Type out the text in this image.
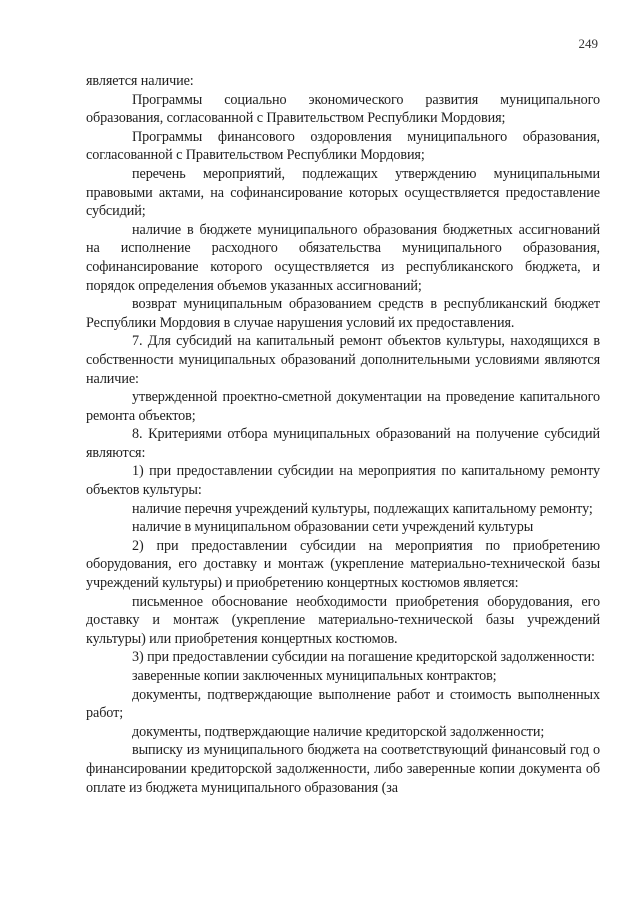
249

является наличие:

Программы социально экономического развития муниципального образования, согласованной с Правительством Республики Мордовия;

Программы финансового оздоровления муниципального образования, согласованной с Правительством Республики Мордовия;

перечень мероприятий, подлежащих утверждению муниципальными правовыми актами, на софинансирование которых осуществляется предоставление субсидий;

наличие в бюджете муниципального образования бюджетных ассигнований на исполнение расходного обязательства муниципального образования, софинансирование которого осуществляется из республиканского бюджета, и порядок определения объемов указанных ассигнований;

возврат муниципальным образованием средств в республиканский бюджет Республики Мордовия в случае нарушения условий их предоставления.

7. Для субсидий на капитальный ремонт объектов культуры, находящихся в собственности муниципальных образований дополнительными условиями являются наличие:

утвержденной проектно-сметной документации на проведение капитального ремонта объектов;

8. Критериями отбора муниципальных образований на получение субсидий являются:

1) при предоставлении субсидии на мероприятия по капитальному ремонту объектов культуры:

наличие перечня учреждений культуры, подлежащих капитальному ремонту;

наличие в муниципальном образовании сети учреждений культуры

2) при предоставлении субсидии на мероприятия по приобретению оборудования, его доставку и монтаж (укрепление материально-технической базы учреждений культуры) и приобретению концертных костюмов является:

письменное обоснование необходимости приобретения оборудования, его доставку и монтаж (укрепление материально-технической базы учреждений культуры) или приобретения концертных костюмов.

3) при предоставлении субсидии на погашение кредиторской задолженности:

заверенные копии заключенных муниципальных контрактов;

документы, подтверждающие выполнение работ и стоимость выполненных работ;

документы, подтверждающие наличие кредиторской задолженности;

выписку из муниципального бюджета на соответствующий финансовый год о финансировании кредиторской задолженности, либо заверенные копии документа об оплате из бюджета муниципального образования (за
